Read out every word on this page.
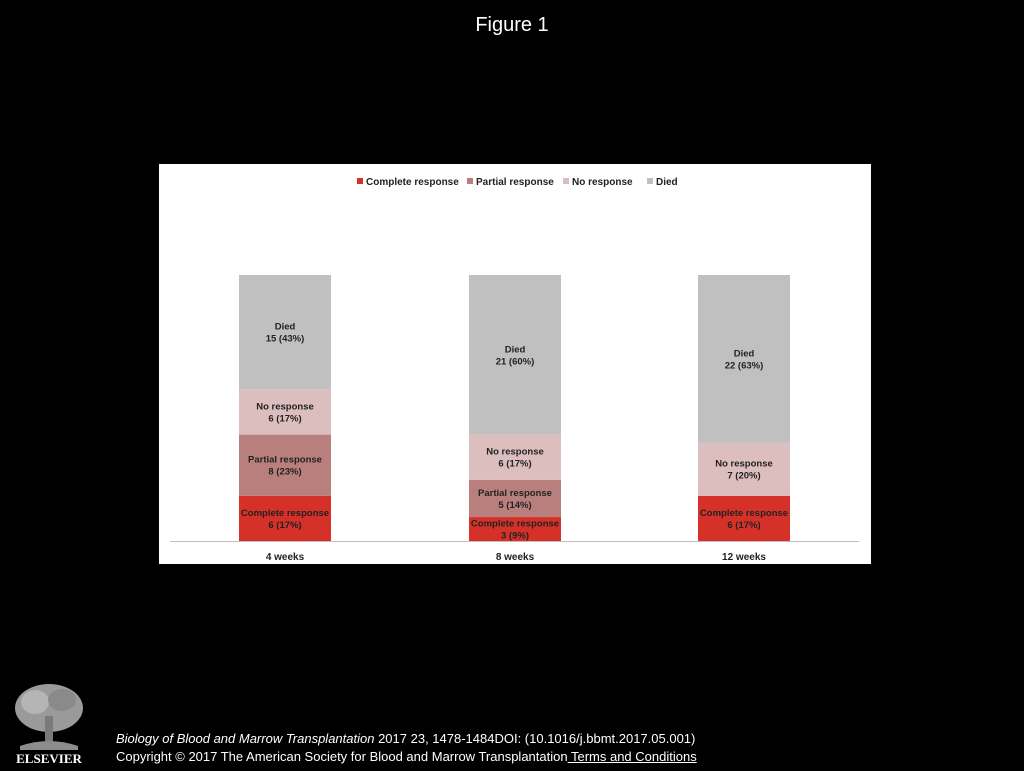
Figure 1
Complete response Partial response No response Died
Complete response 6 (17%)
Partial response 8 (23%)
No response 6 (17%)
Died 15 (43%)
4 weeks
Complete response 3 (9%)
Partial response 5 (14%)
No response 6 (17%)
Died 21 (60%)
8 weeks
Complete response 6 (17%)
No response 7 (20%)
Died 22 (63%)
12 weeks
ELSEVIER
Biology of Blood and Marrow Transplantation 2017 23, 1478-1484DOI: (10.1016/j.bbmt.2017.05.001)
Copyright © 2017 The American Society for Blood and Marrow Transplantation Terms and Conditions
